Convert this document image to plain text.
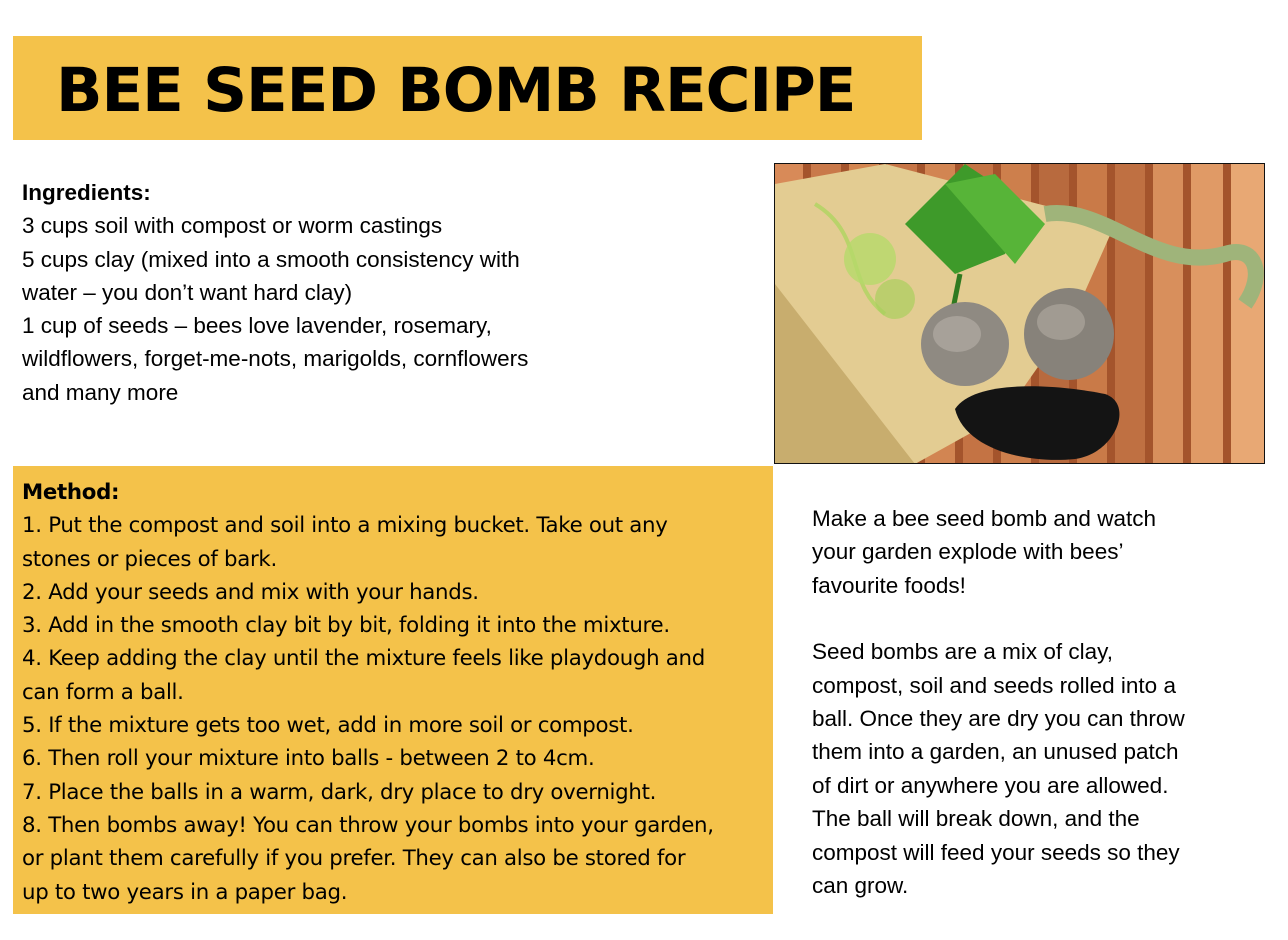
BEE SEED BOMB RECIPE
Ingredients:
3 cups soil with compost or worm castings
5 cups clay (mixed into a smooth consistency with
water – you don’t want hard clay)
1 cup of seeds – bees love lavender, rosemary,
wildflowers, forget-me-nots, marigolds, cornflowers
and many more
Method:
1. Put the compost and soil into a mixing bucket. Take out any
stones or pieces of bark.
2. Add your seeds and mix with your hands.
3. Add in the smooth clay bit by bit, folding it into the mixture.
4. Keep adding the clay until the mixture feels like playdough and
can form a ball.
5. If the mixture gets too wet, add in more soil or compost.
6. Then roll your mixture into balls - between 2 to 4cm.
7. Place the balls in a warm, dark, dry place to dry overnight.
8. Then bombs away! You can throw your bombs into your garden,
or plant them carefully if you prefer. They can also be stored for
up to two years in a paper bag.

Make a bee seed bomb and watch

your garden explode with bees’

favourite foods!

Seed bombs are a mix of clay,

compost, soil and seeds rolled into a

ball. Once they are dry you can throw

them into a garden, an unused patch

of dirt or anywhere you are allowed.

The ball will break down, and the

compost will feed your seeds so they

can grow.
